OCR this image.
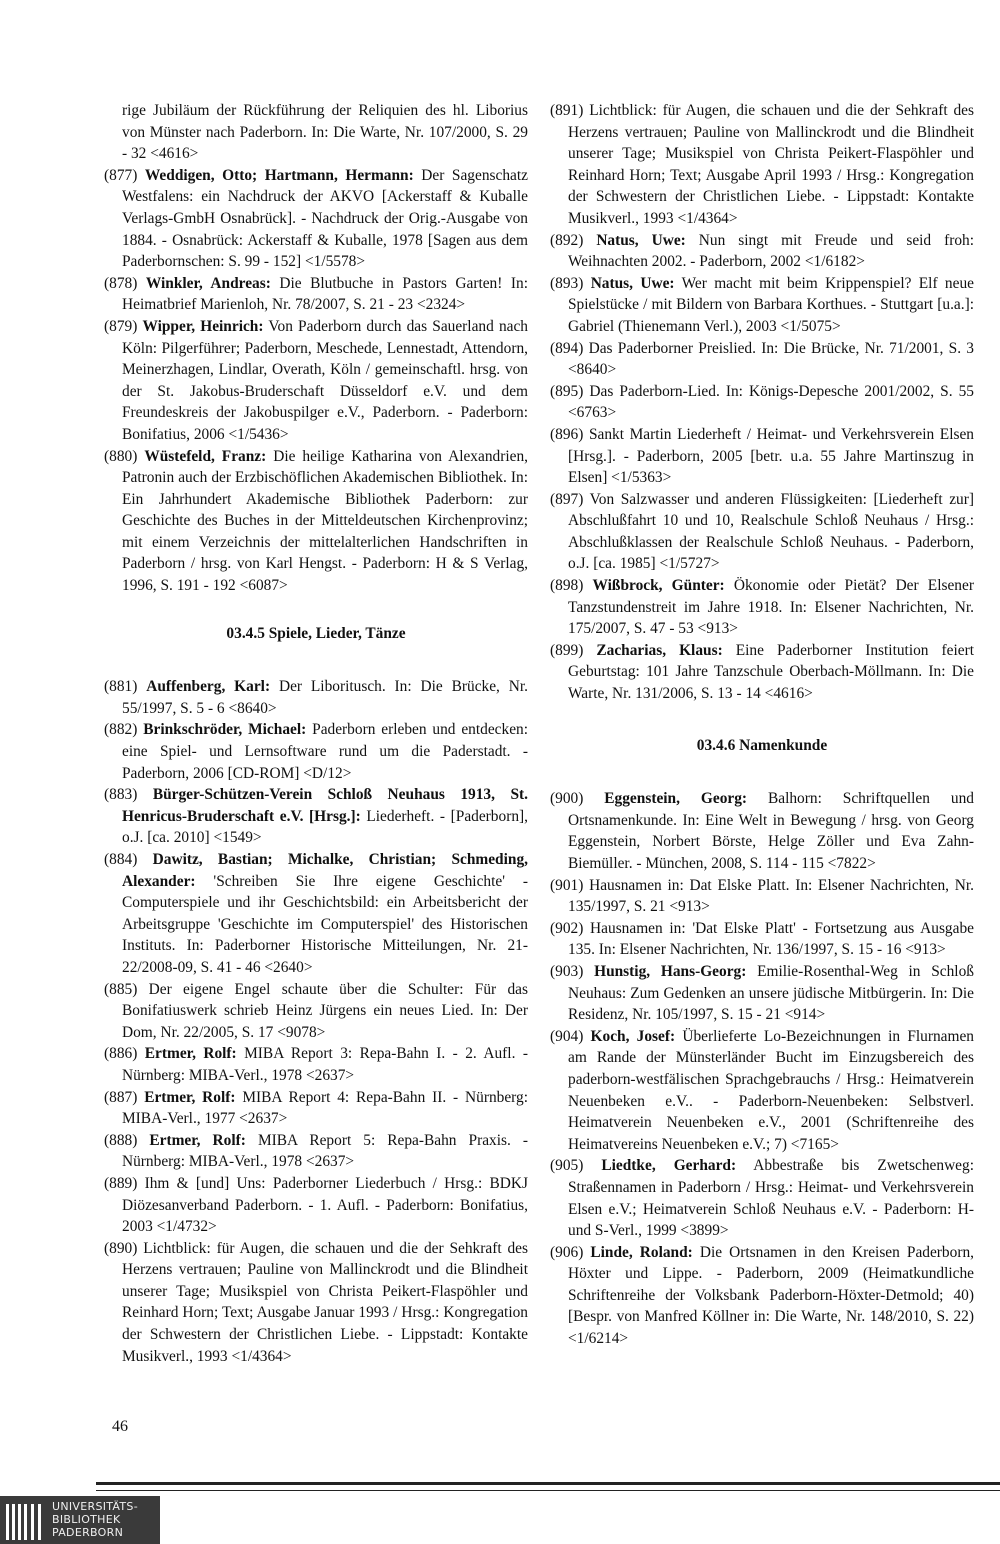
rige Jubiläum der Rückführung der Reliquien des hl. Liborius von Münster nach Paderborn. In: Die Warte, Nr. 107/2000, S. 29 - 32 <4616>

(877) Weddigen, Otto; Hartmann, Hermann: Der Sagenschatz Westfalens: ein Nachdruck der AKVO [Ackerstaff & Kuballe Verlags-GmbH Osnabrück]. - Nachdruck der Orig.-Ausgabe von 1884. - Osnabrück: Ackerstaff & Kuballe, 1978 [Sagen aus dem Paderbornschen: S. 99 - 152] <1/5578>

(878) Winkler, Andreas: Die Blutbuche in Pastors Garten! In: Heimatbrief Marienloh, Nr. 78/2007, S. 21 - 23 <2324>

(879) Wipper, Heinrich: Von Paderborn durch das Sauerland nach Köln: Pilgerführer; Paderborn, Meschede, Lennestadt, Attendorn, Meinerzhagen, Lindlar, Overath, Köln / gemeinschaftl. hrsg. von der St. Jakobus-Bruderschaft Düsseldorf e.V. und dem Freundeskreis der Jakobuspilger e.V., Paderborn. - Paderborn: Bonifatius, 2006 <1/5436>

(880) Wüstefeld, Franz: Die heilige Katharina von Alexandrien, Patronin auch der Erzbischöflichen Akademischen Bibliothek. In: Ein Jahrhundert Akademische Bibliothek Paderborn: zur Geschichte des Buches in der Mitteldeutschen Kirchenprovinz; mit einem Verzeichnis der mittelalterlichen Handschriften in Paderborn / hrsg. von Karl Hengst. - Paderborn: H & S Verlag, 1996, S. 191 - 192 <6087>

03.4.5 Spiele, Lieder, Tänze

(881) Auffenberg, Karl: Der Liboritusch. In: Die Brücke, Nr. 55/1997, S. 5 - 6 <8640>

(882) Brinkschröder, Michael: Paderborn erleben und entdecken: eine Spiel- und Lernsoftware rund um die Paderstadt. - Paderborn, 2006 [CD-ROM] <D/12>

(883) Bürger-Schützen-Verein Schloß Neuhaus 1913, St. Henricus-Bruderschaft e.V. [Hrsg.]: Liederheft. - [Paderborn], o.J. [ca. 2010] <1549>

(884) Dawitz, Bastian; Michalke, Christian; Schmeding, Alexander: 'Schreiben Sie Ihre eigene Geschichte' - Computerspiele und ihr Geschichtsbild: ein Arbeitsbericht der Arbeitsgruppe 'Geschichte im Computerspiel' des Historischen Instituts. In: Paderborner Historische Mitteilungen, Nr. 21-22/2008-09, S. 41 - 46 <2640>

(885) Der eigene Engel schaute über die Schulter: Für das Bonifatiuswerk schrieb Heinz Jürgens ein neues Lied. In: Der Dom, Nr. 22/2005, S. 17 <9078>

(886) Ertmer, Rolf: MIBA Report 3: Repa-Bahn I. - 2. Aufl. - Nürnberg: MIBA-Verl., 1978 <2637>

(887) Ertmer, Rolf: MIBA Report 4: Repa-Bahn II. - Nürnberg: MIBA-Verl., 1977 <2637>

(888) Ertmer, Rolf: MIBA Report 5: Repa-Bahn Praxis. - Nürnberg: MIBA-Verl., 1978 <2637>

(889) Ihm & [und] Uns: Paderborner Liederbuch / Hrsg.: BDKJ Diözesanverband Paderborn. - 1. Aufl. - Paderborn: Bonifatius, 2003 <1/4732>

(890) Lichtblick: für Augen, die schauen und die der Sehkraft des Herzens vertrauen; Pauline von Mallinckrodt und die Blindheit unserer Tage; Musikspiel von Christa Peikert-Flaspöhler und Reinhard Horn; Text; Ausgabe Januar 1993 / Hrsg.: Kongregation der Schwestern der Christlichen Liebe. - Lippstadt: Kontakte Musikverl., 1993 <1/4364>

(891) Lichtblick: für Augen, die schauen und die der Sehkraft des Herzens vertrauen; Pauline von Mallinckrodt und die Blindheit unserer Tage; Musikspiel von Christa Peikert-Flaspöhler und Reinhard Horn; Text; Ausgabe April 1993 / Hrsg.: Kongregation der Schwestern der Christlichen Liebe. - Lippstadt: Kontakte Musikverl., 1993 <1/4364>

(892) Natus, Uwe: Nun singt mit Freude und seid froh: Weihnachten 2002. - Paderborn, 2002 <1/6182>

(893) Natus, Uwe: Wer macht mit beim Krippenspiel? Elf neue Spielstücke / mit Bildern von Barbara Korthues. - Stuttgart [u.a.]: Gabriel (Thienemann Verl.), 2003 <1/5075>

(894) Das Paderborner Preislied. In: Die Brücke, Nr. 71/2001, S. 3 <8640>

(895) Das Paderborn-Lied. In: Königs-Depesche 2001/2002, S. 55 <6763>

(896) Sankt Martin Liederheft / Heimat- und Verkehrsverein Elsen [Hrsg.]. - Paderborn, 2005 [betr. u.a. 55 Jahre Martinszug in Elsen] <1/5363>

(897) Von Salzwasser und anderen Flüssigkeiten: [Liederheft zur] Abschlußfahrt 10 und 10, Realschule Schloß Neuhaus / Hrsg.: Abschlußklassen der Realschule Schloß Neuhaus. - Paderborn, o.J. [ca. 1985] <1/5727>

(898) Wißbrock, Günter: Ökonomie oder Pietät? Der Elsener Tanzstundenstreit im Jahre 1918. In: Elsener Nachrichten, Nr. 175/2007, S. 47 - 53 <913>

(899) Zacharias, Klaus: Eine Paderborner Institution feiert Geburtstag: 101 Jahre Tanzschule Oberbach-Möllmann. In: Die Warte, Nr. 131/2006, S. 13 - 14 <4616>

03.4.6 Namenkunde

(900) Eggenstein, Georg: Balhorn: Schriftquellen und Ortsnamenkunde. In: Eine Welt in Bewegung / hrsg. von Georg Eggenstein, Norbert Börste, Helge Zöller und Eva Zahn-Biemüller. - München, 2008, S. 114 - 115 <7822>

(901) Hausnamen in: Dat Elske Platt. In: Elsener Nachrichten, Nr. 135/1997, S. 21 <913>

(902) Hausnamen in: 'Dat Elske Platt' - Fortsetzung aus Ausgabe 135. In: Elsener Nachrichten, Nr. 136/1997, S. 15 - 16 <913>

(903) Hunstig, Hans-Georg: Emilie-Rosenthal-Weg in Schloß Neuhaus: Zum Gedenken an unsere jüdische Mitbürgerin. In: Die Residenz, Nr. 105/1997, S. 15 - 21 <914>

(904) Koch, Josef: Überlieferte Lo-Bezeichnungen in Flurnamen am Rande der Münsterländer Bucht im Einzugsbereich des paderborn-westfälischen Sprachgebrauchs / Hrsg.: Heimatverein Neuenbeken e.V.. - Paderborn-Neuenbeken: Selbstverl. Heimatverein Neuenbeken e.V., 2001 (Schriftenreihe des Heimatvereins Neuenbeken e.V.; 7) <7165>

(905) Liedtke, Gerhard: Abbestraße bis Zwetschenweg: Straßennamen in Paderborn / Hrsg.: Heimat- und Verkehrsverein Elsen e.V.; Heimatverein Schloß Neuhaus e.V. - Paderborn: H- und S-Verl., 1999 <3899>

(906) Linde, Roland: Die Ortsnamen in den Kreisen Paderborn, Höxter und Lippe. - Paderborn, 2009 (Heimatkundliche Schriftenreihe der Volksbank Paderborn-Höxter-Detmold; 40) [Bespr. von Manfred Köllner in: Die Warte, Nr. 148/2010, S. 22) <1/6214>

46
UNIVERSITÄTS-
BIBLIOTHEK
PADERBORN
